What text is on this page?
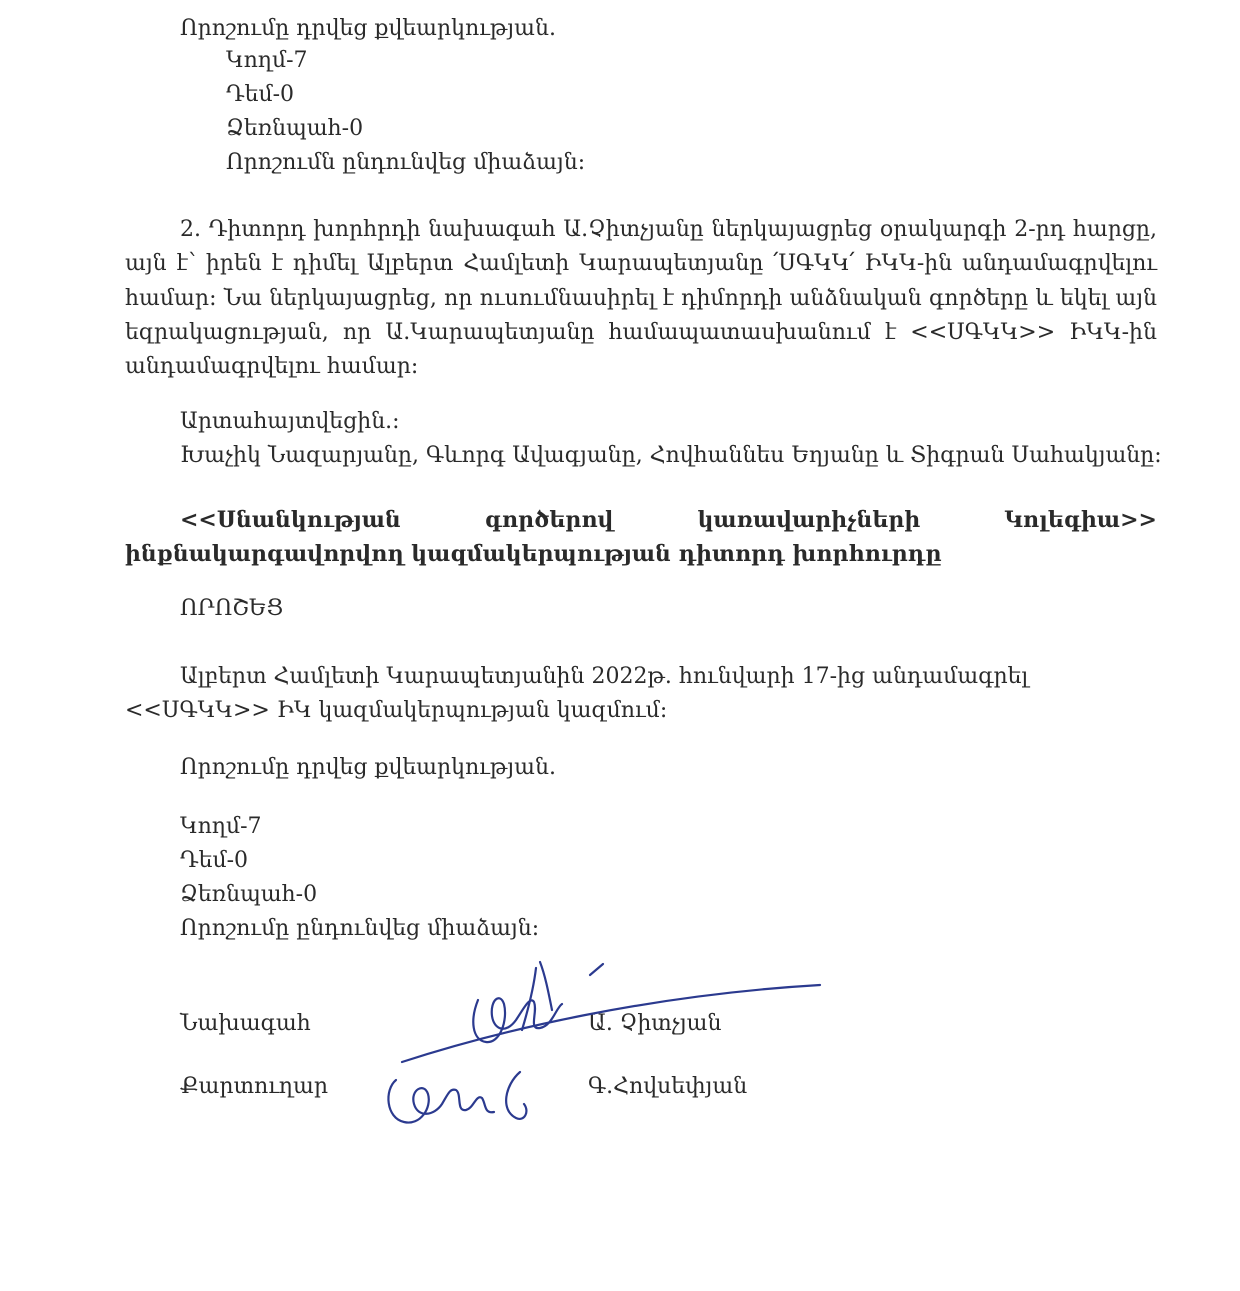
Որոշումը դրվեց քվեարկության.
Կողմ-7
Դեմ-0
Ձեռնպահ-0
Որոշումն ընդունվեց միաձայն:
2. Դիտորդ խորհրդի նախագահ Ա.Չիտչյանը ներկայացրեց օրակարգի 2-րդ հարցը, այն է՝ իրեն է դիմել Ալբերտ Համլետի Կարապետյանը ՛ՍԳԿԿ՛ ԻԿԿ-ին անդամագրվելու համար: Նա ներկայացրեց, որ ուսումնասիրել է դիմորդի անձնական գործերը և եկել այն եզրակացության, որ Ա.Կարապետյանը համապատասխանում է <<ՍԳԿԿ>> ԻԿԿ-ին անդամագրվելու համար:
Արտահայտվեցին.:
Խաչիկ Նազարյանը, Գևորգ Ավագյանը, Հովհաննես Եղյանը և Տիգրան Սահակյանը:
<<Սնանկության գործերով կառավարիչների Կոլեգիա>> ինքնակարգավորվող կազմակերպության դիտորդ խորհուրդը
ՈՐՈՇԵՑ
Ալբերտ Համլետի Կարապետյանին 2022թ. հունվարի 17-ից անդամագրել <<ՍԳԿԿ>> ԻԿ կազմակերպության կազմում:
Որոշումը դրվեց քվեարկության.
Կողմ-7
Դեմ-0
Ձեռնպահ-0
Որոշումը ընդունվեց միաձայն:
Նախագահ	Ա. Չիտչյան
Քարտուղար	Գ.Հովսեփյան
